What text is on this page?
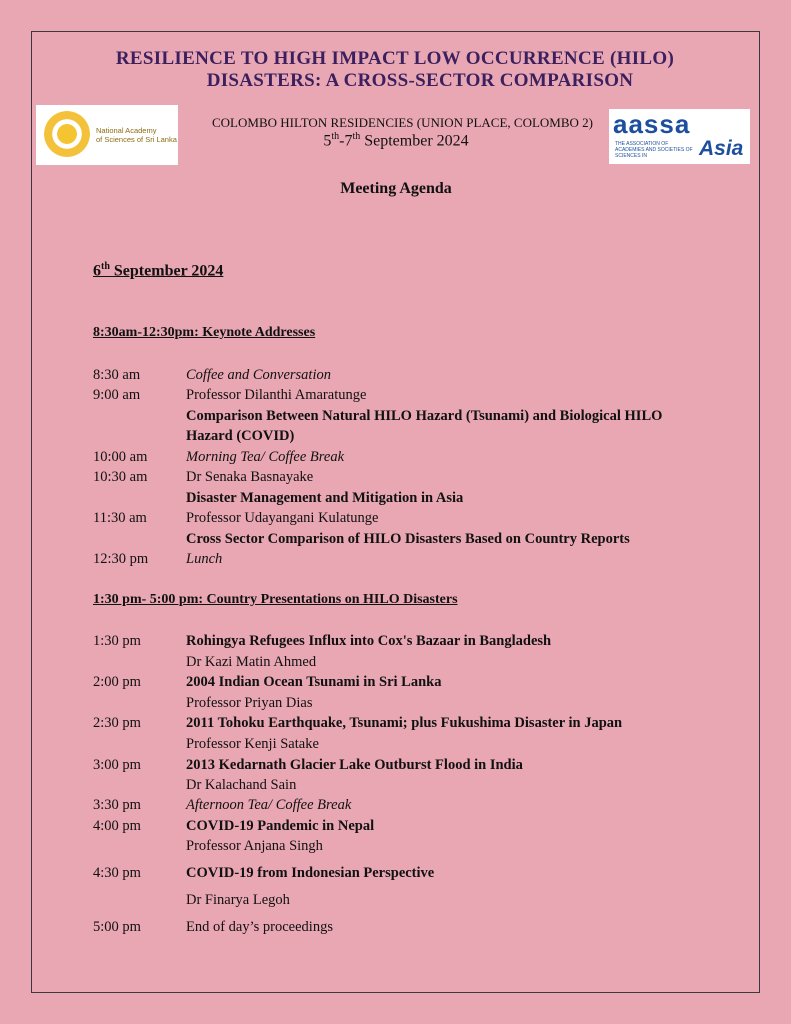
RESILIENCE TO HIGH IMPACT LOW OCCURRENCE (HILO)
DISASTERS: A CROSS-SECTOR COMPARISON
National Academy
of Sciences of Sri Lanka
aassa
THE ASSOCIATION OF ACADEMIES AND SOCIETIES OF SCIENCES IN	Asia
COLOMBO HILTON RESIDENCIES (UNION PLACE, COLOMBO 2)
5th-7th September 2024
Meeting Agenda
6th September 2024
8:30am-12:30pm: Keynote Addresses
8:30 am	Coffee and Conversation
9:00 am	Professor Dilanthi Amaratunge
Comparison Between Natural HILO Hazard (Tsunami) and Biological HILO
Hazard (COVID)
10:00 am	Morning Tea/ Coffee Break
10:30 am	Dr Senaka Basnayake
Disaster Management and Mitigation in Asia
11:30 am	Professor Udayangani Kulatunge
Cross Sector Comparison of HILO Disasters Based on Country Reports
12:30 pm	Lunch
1:30 pm- 5:00 pm: Country Presentations on HILO Disasters
1:30 pm	Rohingya Refugees Influx into Cox's Bazaar in Bangladesh
Dr Kazi Matin Ahmed
2:00 pm	2004 Indian Ocean Tsunami in Sri Lanka
Professor Priyan Dias
2:30 pm	2011 Tohoku Earthquake, Tsunami; plus Fukushima Disaster in Japan
Professor Kenji Satake
3:00 pm	2013 Kedarnath Glacier Lake Outburst Flood in India
Dr Kalachand Sain
3:30 pm	Afternoon Tea/ Coffee Break
4:00 pm	COVID-19 Pandemic in Nepal
Professor Anjana Singh
4:30 pm	COVID-19 from Indonesian Perspective
Dr Finarya Legoh
5:00 pm	End of day’s proceedings
